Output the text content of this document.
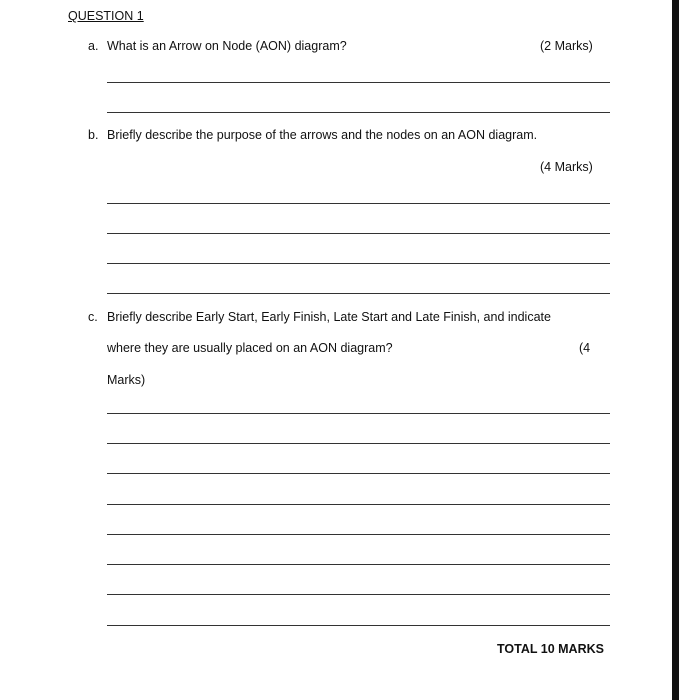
QUESTION 1
a. What is an Arrow on Node (AON) diagram?	(2 Marks)
b. Briefly describe the purpose of the arrows and the nodes on an AON diagram.
(4 Marks)
c. Briefly describe Early Start, Early Finish, Late Start and Late Finish, and indicate
where they are usually placed on an AON diagram?	(4
Marks)
TOTAL 10 MARKS
